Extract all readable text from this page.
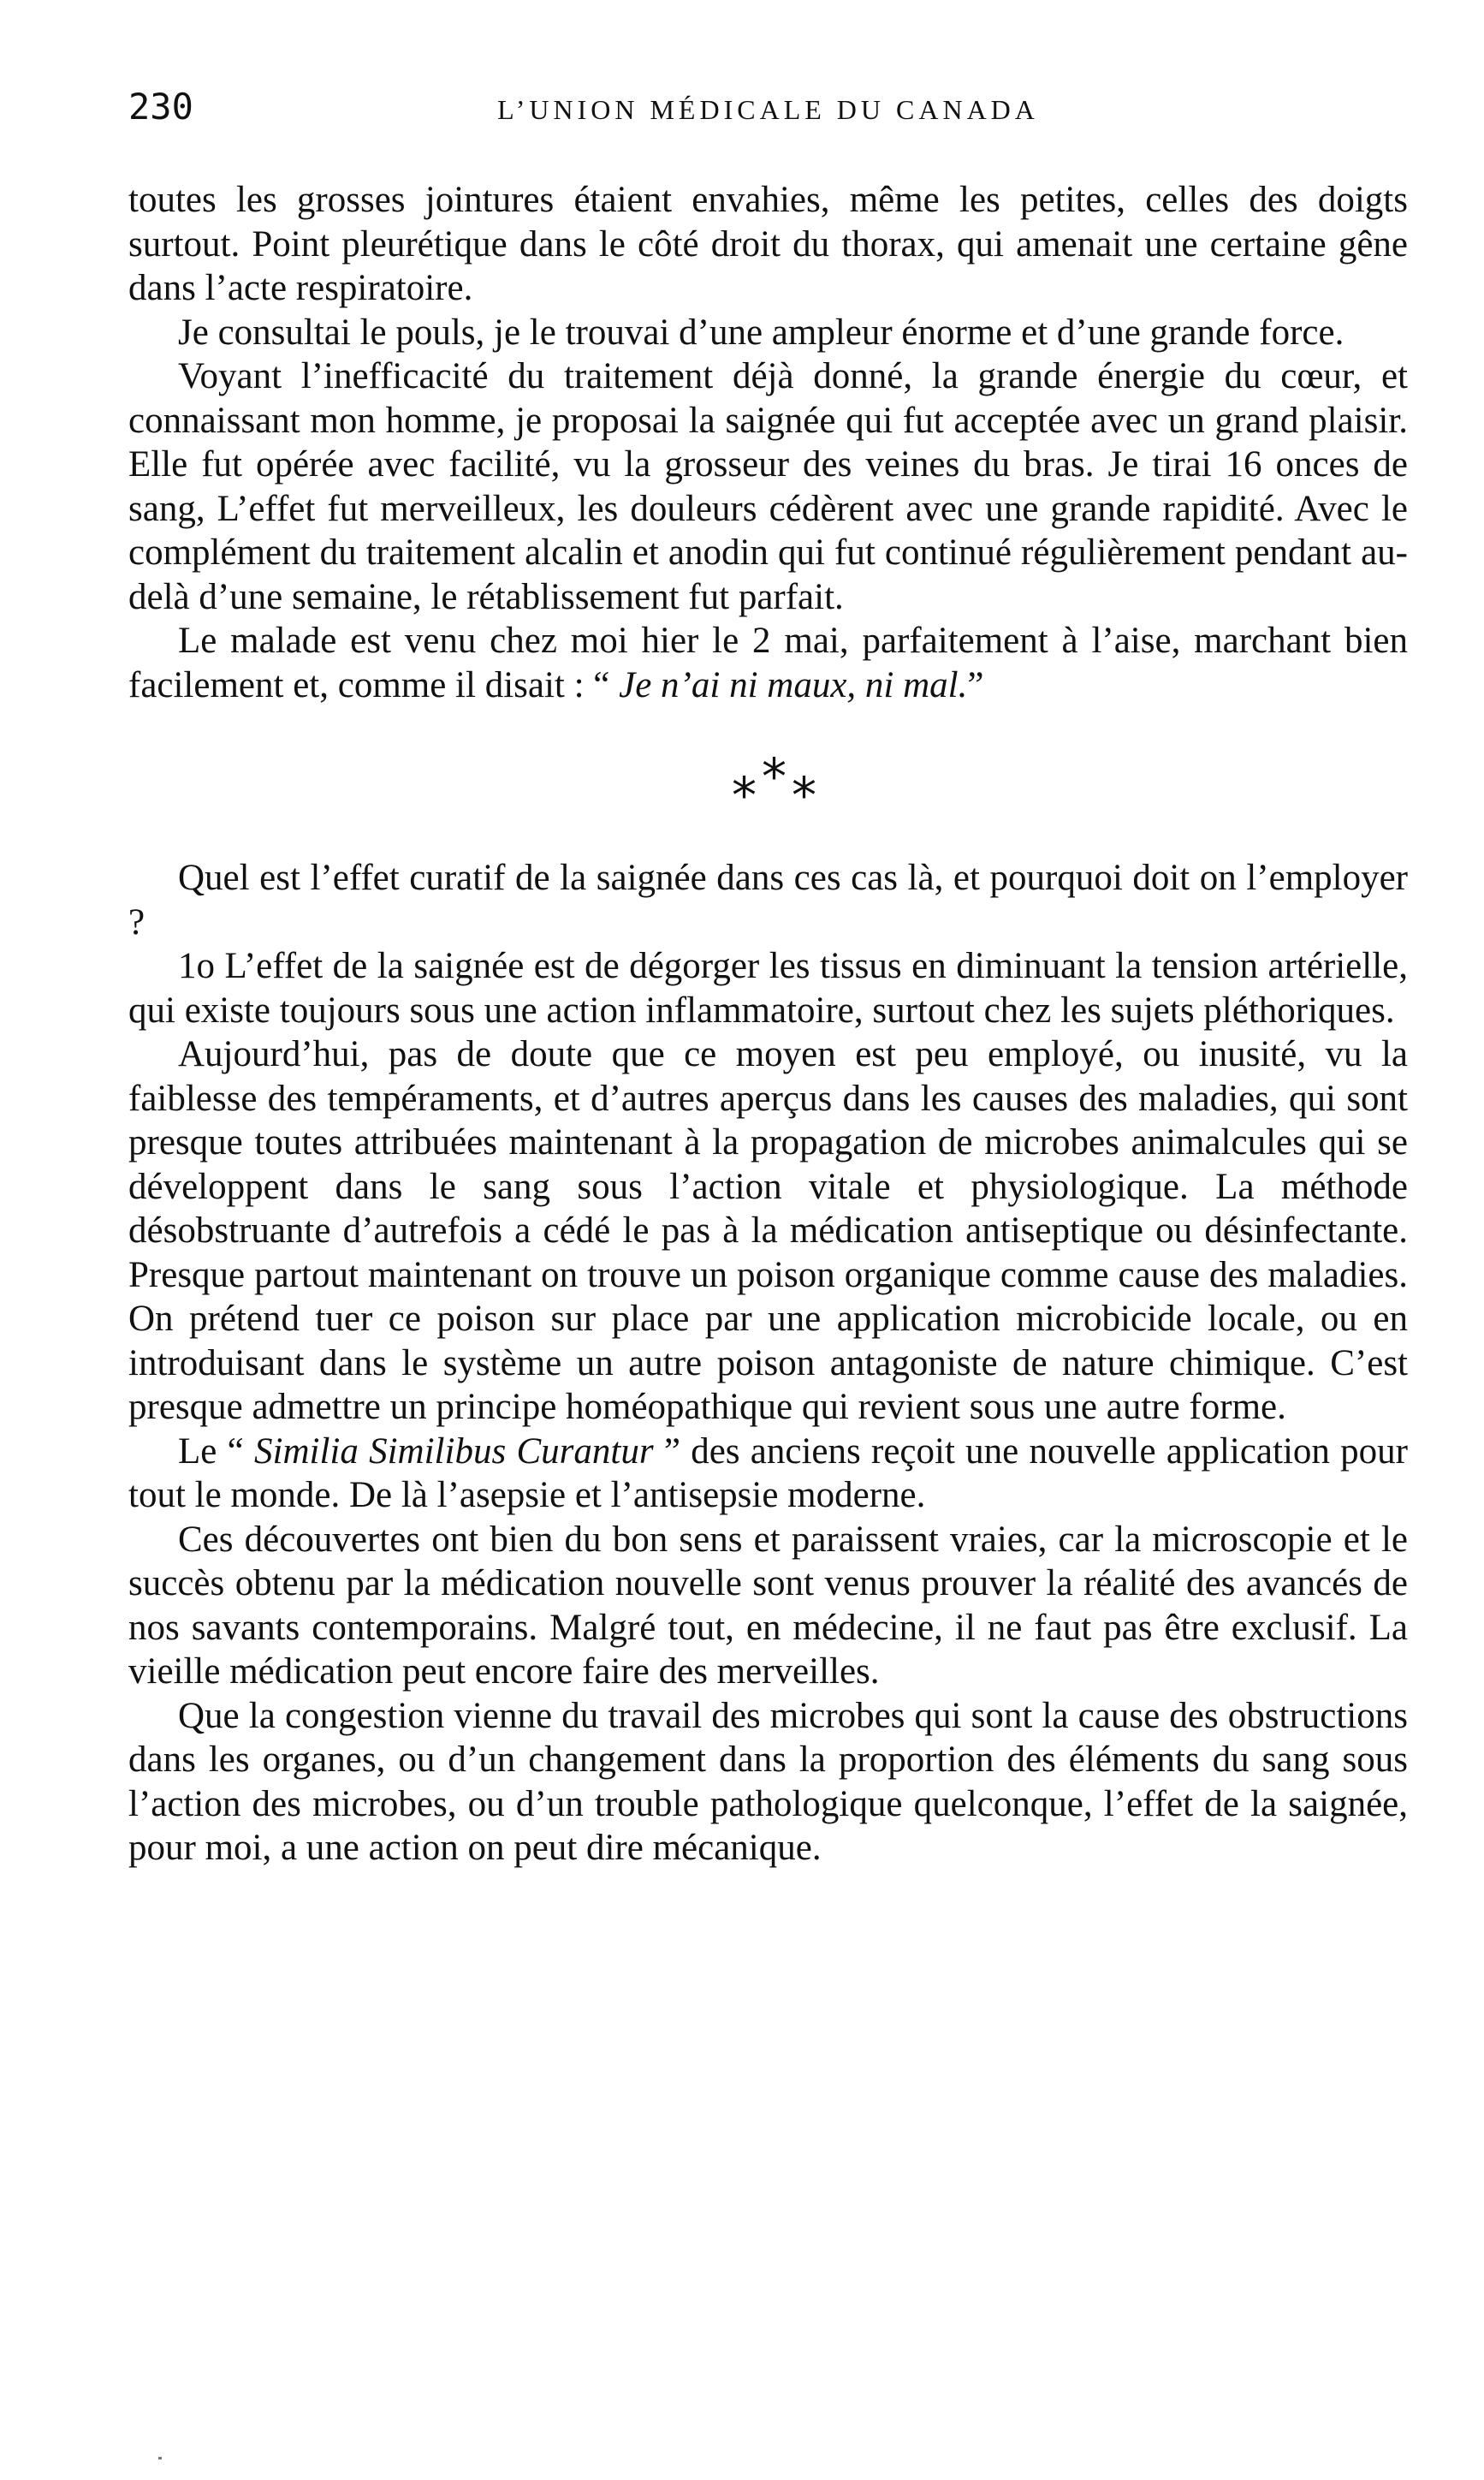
230	L’UNION MÉDICALE DU CANADA

toutes les grosses jointures étaient envahies, même les petites, celles des doigts surtout. Point pleurétique dans le côté droit du thorax, qui amenait une certaine gêne dans l’acte respiratoire.

Je consultai le pouls, je le trouvai d’une ampleur énorme et d’une grande force.

Voyant l’inefficacité du traitement déjà donné, la grande énergie du cœur, et connaissant mon homme, je proposai la saignée qui fut acceptée avec un grand plaisir. Elle fut opérée avec facilité, vu la grosseur des veines du bras. Je tirai 16 onces de sang, L’effet fut merveilleux, les douleurs cédèrent avec une grande rapidité. Avec le complément du traitement alcalin et anodin qui fut continué régulièrement pendant au-delà d’une semaine, le rétablissement fut parfait.

Le malade est venu chez moi hier le 2 mai, parfaitement à l’aise, marchant bien facilement et, comme il disait : “ Je n’ai ni maux, ni mal.”

* * *

Quel est l’effet curatif de la saignée dans ces cas là, et pourquoi doit on l’employer ?

1o L’effet de la saignée est de dégorger les tissus en diminuant la tension artérielle, qui existe toujours sous une action inflammatoire, surtout chez les sujets pléthoriques.

Aujourd’hui, pas de doute que ce moyen est peu employé, ou inusité, vu la faiblesse des tempéraments, et d’autres aperçus dans les causes des maladies, qui sont presque toutes attribuées maintenant à la propagation de microbes animalcules qui se développent dans le sang sous l’action vitale et physiologique. La méthode désobstruante d’autrefois a cédé le pas à la médication antiseptique ou désinfectante. Presque partout maintenant on trouve un poison organique comme cause des maladies. On prétend tuer ce poison sur place par une application microbicide locale, ou en introduisant dans le système un autre poison antagoniste de nature chimique. C’est presque admettre un principe homéopathique qui revient sous une autre forme.

Le “ Similia Similibus Curantur ” des anciens reçoit une nouvelle application pour tout le monde. De là l’asepsie et l’antisepsie moderne.

Ces découvertes ont bien du bon sens et paraissent vraies, car la microscopie et le succès obtenu par la médication nouvelle sont venus prouver la réalité des avancés de nos savants contemporains. Malgré tout, en médecine, il ne faut pas être exclusif. La vieille médication peut encore faire des merveilles.

Que la congestion vienne du travail des microbes qui sont la cause des obstructions dans les organes, ou d’un changement dans la proportion des éléments du sang sous l’action des microbes, ou d’un trouble pathologique quelconque, l’effet de la saignée, pour moi, a une action on peut dire mécanique.
